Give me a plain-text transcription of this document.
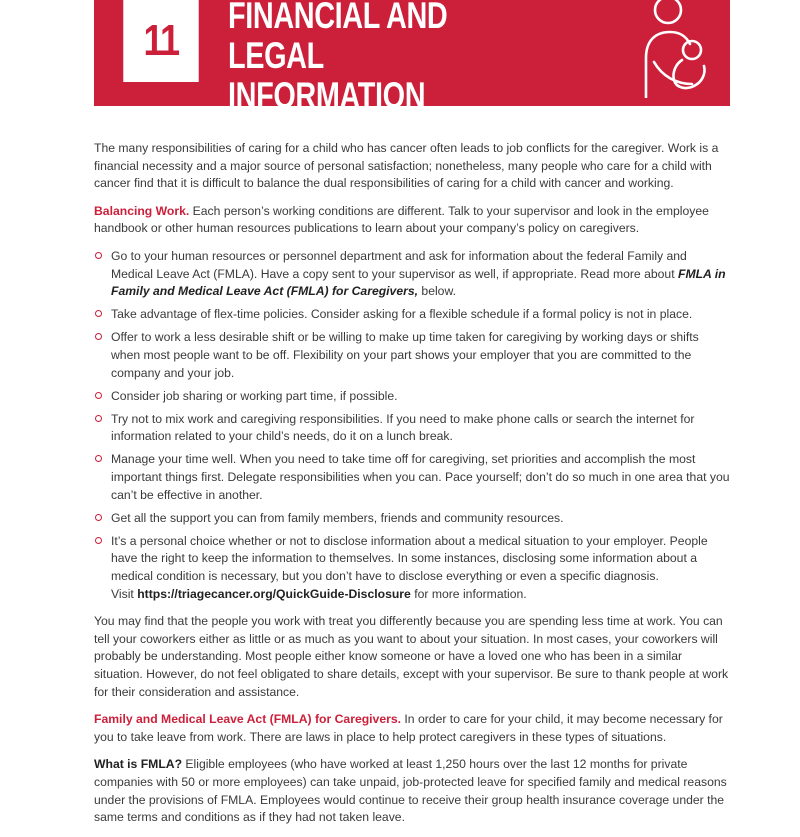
11
FINANCIAL AND LEGAL
INFORMATION

The many responsibilities of caring for a child who has cancer often leads to job conflicts for the caregiver. Work is a financial necessity and a major source of personal satisfaction; nonetheless, many people who care for a child with cancer find that it is difficult to balance the dual responsibilities of caring for a child with cancer and working.

Balancing Work. Each person’s working conditions are different. Talk to your supervisor and look in the employee handbook or other human resources publications to learn about your company’s policy on caregivers.

Go to your human resources or personnel department and ask for information about the federal Family and Medical Leave Act (FMLA). Have a copy sent to your supervisor as well, if appropriate. Read more about FMLA in Family and Medical Leave Act (FMLA) for Caregivers, below.
Take advantage of flex-time policies. Consider asking for a flexible schedule if a formal policy is not in place.
Offer to work a less desirable shift or be willing to make up time taken for caregiving by working days or shifts when most people want to be off. Flexibility on your part shows your employer that you are committed to the company and your job.
Consider job sharing or working part time, if possible.
Try not to mix work and caregiving responsibilities. If you need to make phone calls or search the internet for information related to your child’s needs, do it on a lunch break.
Manage your time well. When you need to take time off for caregiving, set priorities and accomplish the most important things first. Delegate responsibilities when you can. Pace yourself; don’t do so much in one area that you can’t be effective in another.
Get all the support you can from family members, friends and community resources.
It’s a personal choice whether or not to disclose information about a medical situation to your employer. People have the right to keep the information to themselves. In some instances, disclosing some information about a medical condition is necessary, but you don’t have to disclose everything or even a specific diagnosis.
Visit https://triagecancer.org/QuickGuide-Disclosure for more information.

You may find that the people you work with treat you differently because you are spending less time at work. You can tell your coworkers either as little or as much as you want to about your situation. In most cases, your coworkers will probably be understanding. Most people either know someone or have a loved one who has been in a similar situation. However, do not feel obligated to share details, except with your supervisor. Be sure to thank people at work for their consideration and assistance.

Family and Medical Leave Act (FMLA) for Caregivers. In order to care for your child, it may become necessary for you to take leave from work. There are laws in place to help protect caregivers in these types of situations.

What is FMLA? Eligible employees (who have worked at least 1,250 hours over the last 12 months for private companies with 50 or more employees) can take unpaid, job-protected leave for specified family and medical reasons under the provisions of FMLA. Employees would continue to receive their group health insurance coverage under the same terms and conditions as if they had not taken leave.
